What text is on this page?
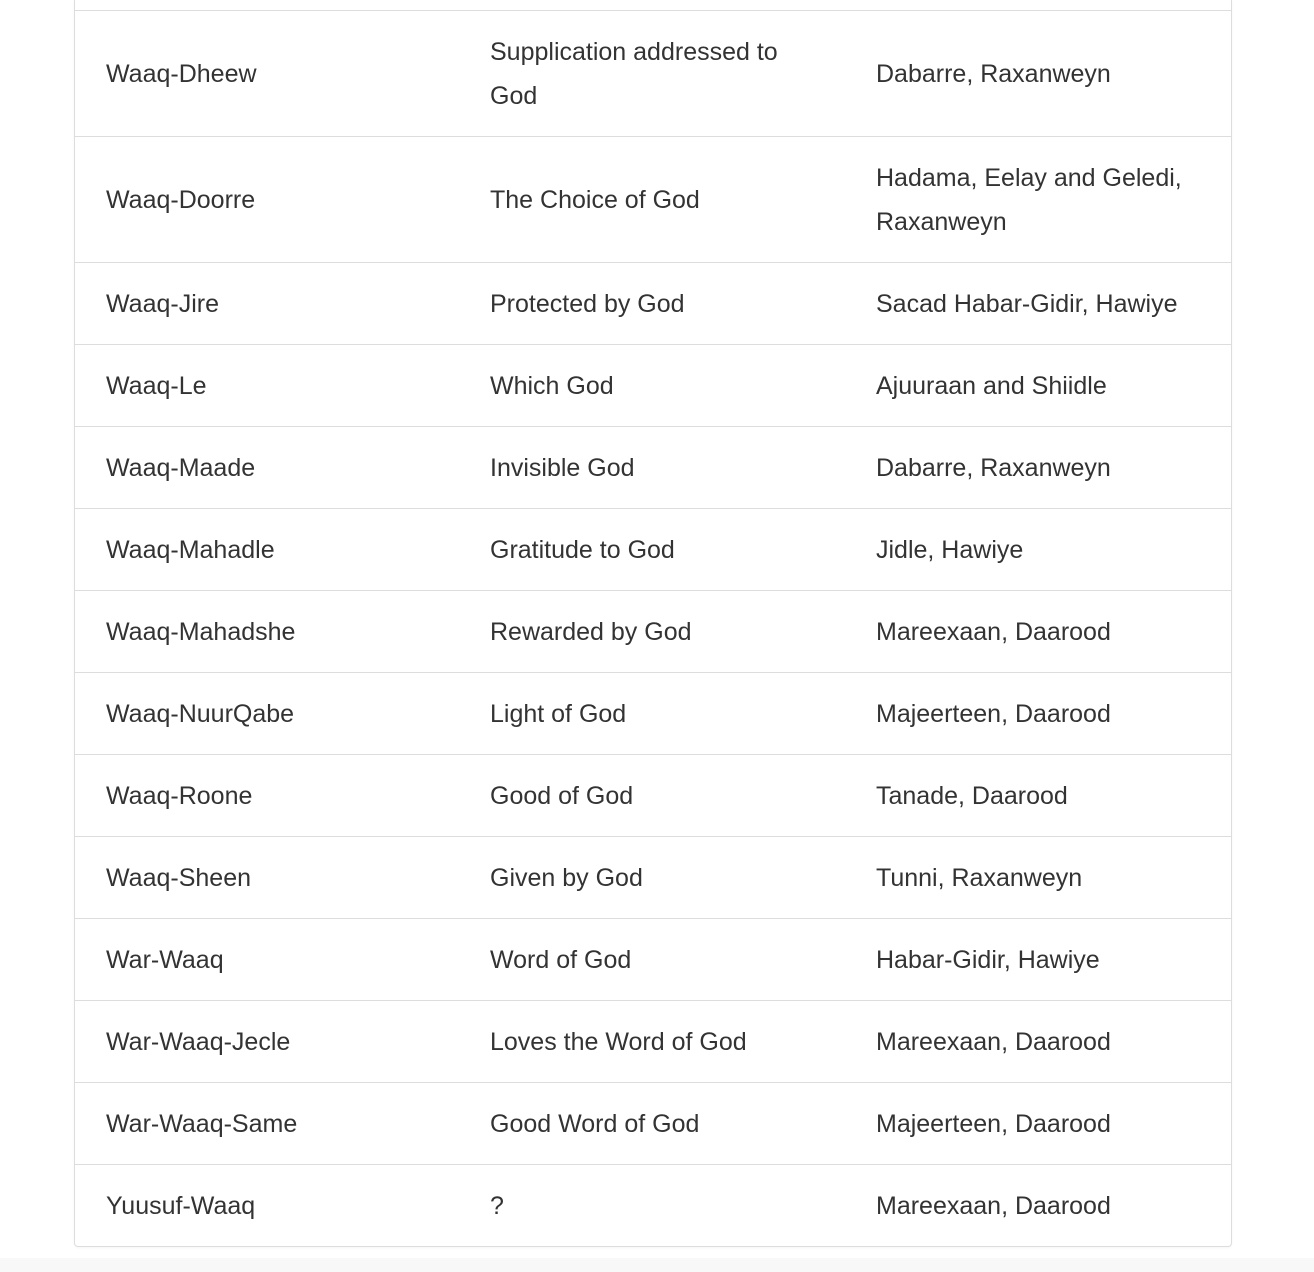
Waaq-Dheew	Supplication addressed to God	Dabarre, Raxanweyn
Waaq-Doorre	The Choice of God	Hadama, Eelay and Geledi, Raxanweyn
Waaq-Jire	Protected by God	Sacad Habar-Gidir, Hawiye
Waaq-Le	Which God	Ajuuraan and Shiidle
Waaq-Maade	Invisible God	Dabarre, Raxanweyn
Waaq-Mahadle	Gratitude to God	Jidle, Hawiye
Waaq-Mahadshe	Rewarded by God	Mareexaan, Daarood
Waaq-NuurQabe	Light of God	Majeerteen, Daarood
Waaq-Roone	Good of God	Tanade, Daarood
Waaq-Sheen	Given by God	Tunni, Raxanweyn
War-Waaq	Word of God	Habar-Gidir, Hawiye
War-Waaq-Jecle	Loves the Word of God	Mareexaan, Daarood
War-Waaq-Same	Good Word of God	Majeerteen, Daarood
Yuusuf-Waaq	?	Mareexaan, Daarood
